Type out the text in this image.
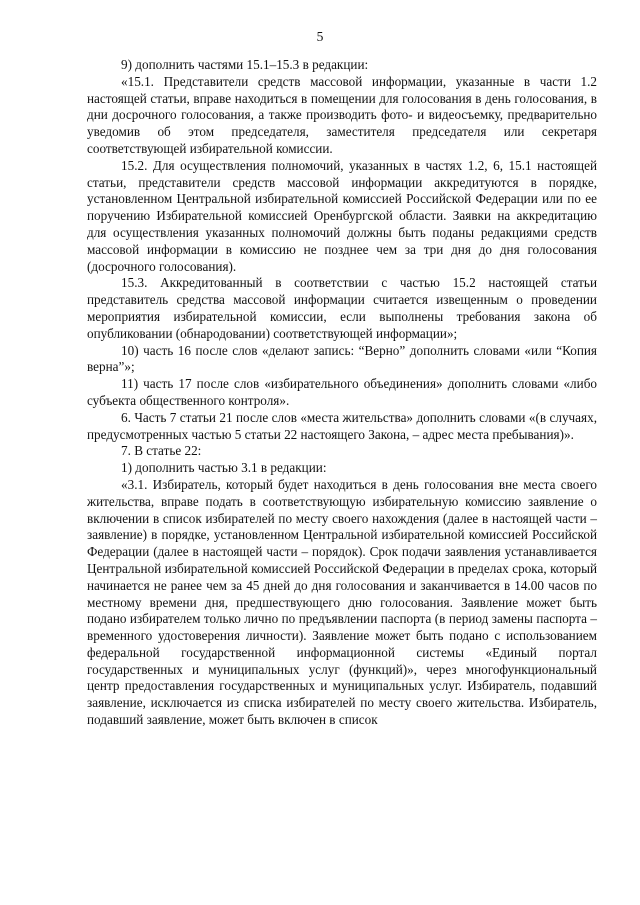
5

9) дополнить частями 15.1–15.3 в редакции:

«15.1. Представители средств массовой информации, указанные в части 1.2 настоящей статьи, вправе находиться в помещении для голосования в день голосования, в дни досрочного голосования, а также производить фото- и видеосъемку, предварительно уведомив об этом председателя, заместителя председателя или секретаря соответствующей избирательной комиссии.

15.2. Для осуществления полномочий, указанных в частях 1.2, 6, 15.1 настоящей статьи, представители средств массовой информации аккредитуются в порядке, установленном Центральной избирательной комиссией Российской Федерации или по ее поручению Избирательной комиссией Оренбургской области. Заявки на аккредитацию для осуществления указанных полномочий должны быть поданы редакциями средств массовой информации в комиссию не позднее чем за три дня до дня голосования (досрочного голосования).

15.3. Аккредитованный в соответствии с частью 15.2 настоящей статьи представитель средства массовой информации считается извещенным о проведении мероприятия избирательной комиссии, если выполнены требования закона об опубликовании (обнародовании) соответствующей информации»;

10) часть 16 после слов «делают запись: “Верно” дополнить словами «или “Копия верна”»;

11) часть 17 после слов «избирательного объединения» дополнить словами «либо субъекта общественного контроля».

6. Часть 7 статьи 21 после слов «места жительства» дополнить словами «(в случаях, предусмотренных частью 5 статьи 22 настоящего Закона, – адрес места пребывания)».

7. В статье 22:

1) дополнить частью 3.1 в редакции:

«3.1. Избиратель, который будет находиться в день голосования вне места своего жительства, вправе подать в соответствующую избирательную комиссию заявление о включении в список избирателей по месту своего нахождения (далее в настоящей части – заявление) в порядке, установленном Центральной избирательной комиссией Российской Федерации (далее в настоящей части – порядок). Срок подачи заявления устанавливается Центральной избирательной комиссией Российской Федерации в пределах срока, который начинается не ранее чем за 45 дней до дня голосования и заканчивается в 14.00 часов по местному времени дня, предшествующего дню голосования. Заявление может быть подано избирателем только лично по предъявлении паспорта (в период замены паспорта – временного удостоверения личности). Заявление может быть подано с использованием федеральной государственной информационной системы «Единый портал государственных и муниципальных услуг (функций)», через многофункциональный центр предоставления государственных и муниципальных услуг. Избиратель, подавший заявление, исключается из списка избирателей по месту своего жительства. Избиратель, подавший заявление, может быть включен в список
